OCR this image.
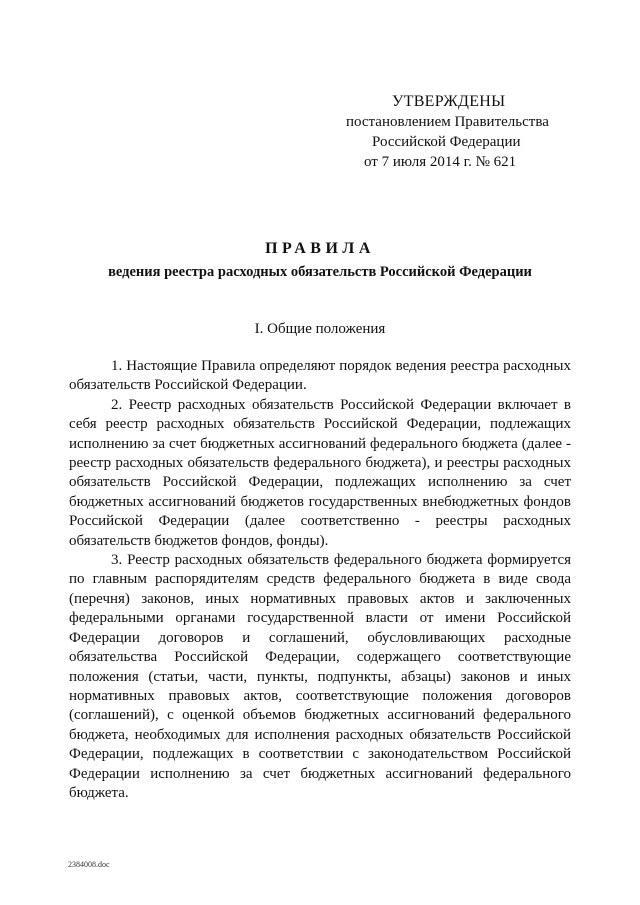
УТВЕРЖДЕНЫ
постановлением Правительства
Российской Федерации
от 7 июля 2014 г. № 621
ПРАВИЛА
ведения реестра расходных обязательств Российской Федерации
I. Общие положения

1. Настоящие Правила определяют порядок ведения реестра расходных обязательств Российской Федерации.

2. Реестр расходных обязательств Российской Федерации включает в себя реестр расходных обязательств Российской Федерации, подлежащих исполнению за счет бюджетных ассигнований федерального бюджета (далее - реестр расходных обязательств федерального бюджета), и реестры расходных обязательств Российской Федерации, подлежащих исполнению за счет бюджетных ассигнований бюджетов государственных внебюджетных фондов Российской Федерации (далее соответственно - реестры расходных обязательств бюджетов фондов, фонды).

3. Реестр расходных обязательств федерального бюджета формируется по главным распорядителям средств федерального бюджета в виде свода (перечня) законов, иных нормативных правовых актов и заключенных федеральными органами государственной власти от имени Российской Федерации договоров и соглашений, обусловливающих расходные обязательства Российской Федерации, содержащего соответствующие положения (статьи, части, пункты, подпункты, абзацы) законов и иных нормативных правовых актов, соответствующие положения договоров (соглашений), с оценкой объемов бюджетных ассигнований федерального бюджета, необходимых для исполнения расходных обязательств Российской Федерации, подлежащих в соответствии с законодательством Российской Федерации исполнению за счет бюджетных ассигнований федерального бюджета.

2384008.doc
